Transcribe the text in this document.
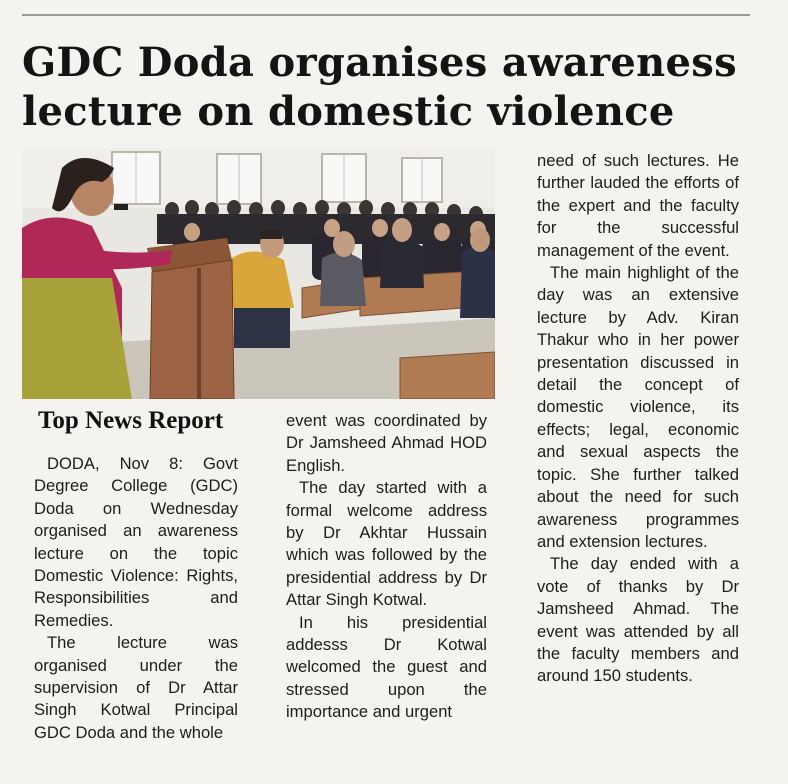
GDC Doda organises awareness lecture on domestic violence
Top News Report

DODA, Nov 8: Govt Degree College (GDC) Doda on Wednesday organised an awareness lecture on the topic Domestic Violence: Rights, Responsibilities and Remedies.

The lecture was organised under the supervision of Dr Attar Singh Kotwal Principal GDC Doda and the whole

event was coordinated by Dr Jamsheed Ahmad HOD English.

The day started with a formal welcome address by Dr Akhtar Hussain which was followed by the presidential address by Dr Attar Singh Kotwal.

In his presidential addesss Dr Kotwal welcomed the guest and stressed upon the importance and urgent

need of such lectures. He further lauded the efforts of the expert and the faculty for the successful management of the event.

The main highlight of the day was an extensive lecture by Adv. Kiran Thakur who in her power presentation discussed in detail the concept of domestic violence, its effects; legal, economic and sexual aspects the topic. She further talked about the need for such awareness programmes and extension lectures.

The day ended with a vote of thanks by Dr Jamsheed Ahmad. The event was attended by all the faculty members and around 150 students.
